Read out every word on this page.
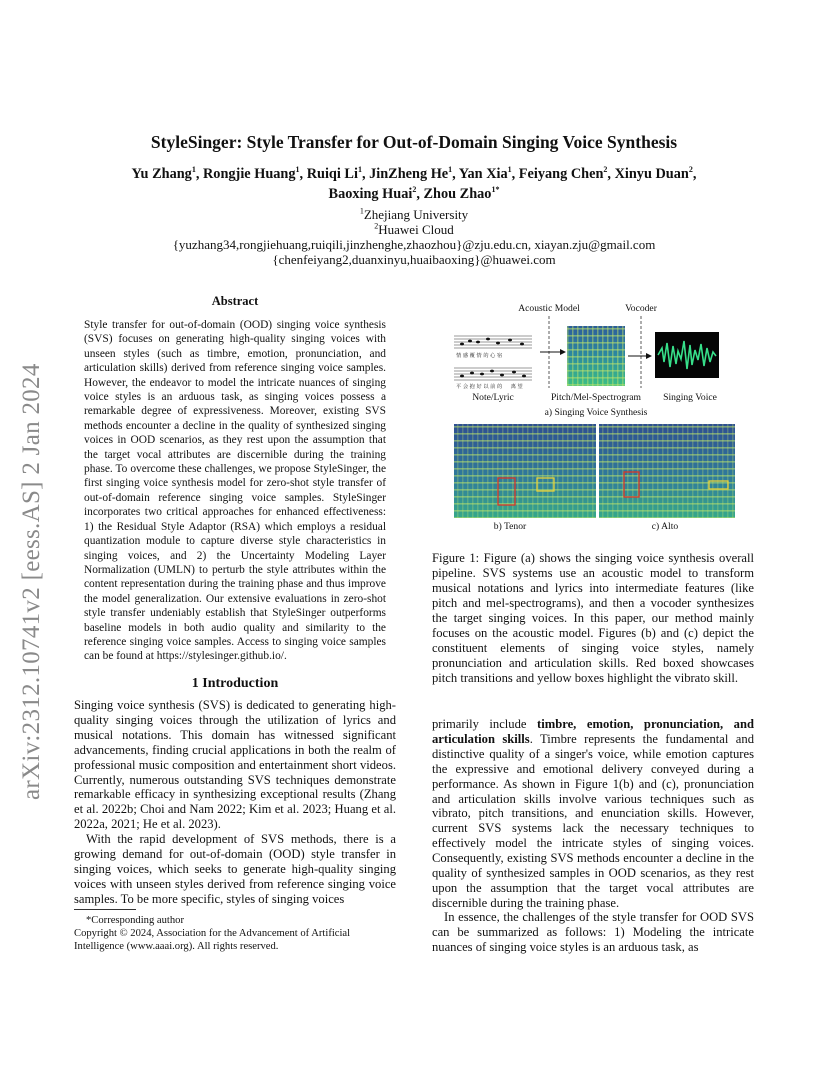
arXiv:2312.10741v2 [eess.AS] 2 Jan 2024
StyleSinger: Style Transfer for Out-of-Domain Singing Voice Synthesis
Yu Zhang$^1$, Rongjie Huang$^1$, Ruiqi Li$^1$, JinZheng He$^1$, Yan Xia$^1$, Feiyang Chen$^2$, Xinyu Duan$^2$,
Baoxing Huai$^2$, Zhou Zhao$^{1*}$
$^1$Zhejiang University
$^2$Huawei Cloud
{yuzhang34,rongjiehuang,ruiqili,jinzhenghe,zhaozhou}@zju.edu.cn, xiayan.zju@gmail.com
{chenfeiyang2,duanxinyu,huaibaoxing}@huawei.com
Abstract
Style transfer for out-of-domain (OOD) singing voice synthesis (SVS) focuses on generating high-quality singing voices with unseen styles (such as timbre, emotion, pronunciation, and articulation skills) derived from reference singing voice samples. However, the endeavor to model the intricate nuances of singing voice styles is an arduous task, as singing voices possess a remarkable degree of expressiveness. Moreover, existing SVS methods encounter a decline in the quality of synthesized singing voices in OOD scenarios, as they rest upon the assumption that the target vocal attributes are discernible during the training phase. To overcome these challenges, we propose StyleSinger, the first singing voice synthesis model for zero-shot style transfer of out-of-domain reference singing voice samples. StyleSinger incorporates two critical approaches for enhanced effectiveness: 1) the Residual Style Adaptor (RSA) which employs a residual quantization module to capture diverse style characteristics in singing voices, and 2) the Uncertainty Modeling Layer Normalization (UMLN) to perturb the style attributes within the content representation during the training phase and thus improve the model generalization. Our extensive evaluations in zero-shot style transfer undeniably establish that StyleSinger outperforms baseline models in both audio quality and similarity to the reference singing voice samples. Access to singing voice samples can be found at https://stylesinger.github.io/.
1 Introduction
Singing voice synthesis (SVS) is dedicated to generating high-quality singing voices through the utilization of lyrics and musical notations. This domain has witnessed significant advancements, finding crucial applications in both the realm of professional music composition and entertainment short videos. Currently, numerous outstanding SVS techniques demonstrate remarkable efficacy in synthesizing exceptional results (Zhang et al. 2022b; Choi and Nam 2022; Kim et al. 2023; Huang et al. 2022a, 2021; He et al. 2023).
With the rapid development of SVS methods, there is a growing demand for out-of-domain (OOD) style transfer in singing voices, which seeks to generate high-quality singing voices with unseen styles derived from reference singing voice samples. To be more specific, styles of singing voices
*Corresponding author
Copyright © 2024, Association for the Advancement of Artificial Intelligence (www.aaai.org). All rights reserved.
Acoustic Model	Vocoder
情 感 覆 情 的 心 宿
平 会 抱 好 以 前 的 　 离 望
Note/Lyric	Pitch/Mel-Spectrogram Singing Voice
a) Singing Voice Synthesis
b) Tenor	c) Alto
Figure 1: Figure (a) shows the singing voice synthesis overall pipeline. SVS systems use an acoustic model to transform musical notations and lyrics into intermediate features (like pitch and mel-spectrograms), and then a vocoder synthesizes the target singing voices. In this paper, our method mainly focuses on the acoustic model. Figures (b) and (c) depict the constituent elements of singing voice styles, namely pronunciation and articulation skills. Red boxed showcases pitch transitions and yellow boxes highlight the vibrato skill.
primarily include timbre, emotion, pronunciation, and articulation skills. Timbre represents the fundamental and distinctive quality of a singer's voice, while emotion captures the expressive and emotional delivery conveyed during a performance. As shown in Figure 1(b) and (c), pronunciation and articulation skills involve various techniques such as vibrato, pitch transitions, and enunciation skills. However, current SVS systems lack the necessary techniques to effectively model the intricate styles of singing voices. Consequently, existing SVS methods encounter a decline in the quality of synthesized samples in OOD scenarios, as they rest upon the assumption that the target vocal attributes are discernible during the training phase.
In essence, the challenges of the style transfer for OOD SVS can be summarized as follows: 1) Modeling the intricate nuances of singing voice styles is an arduous task, as
